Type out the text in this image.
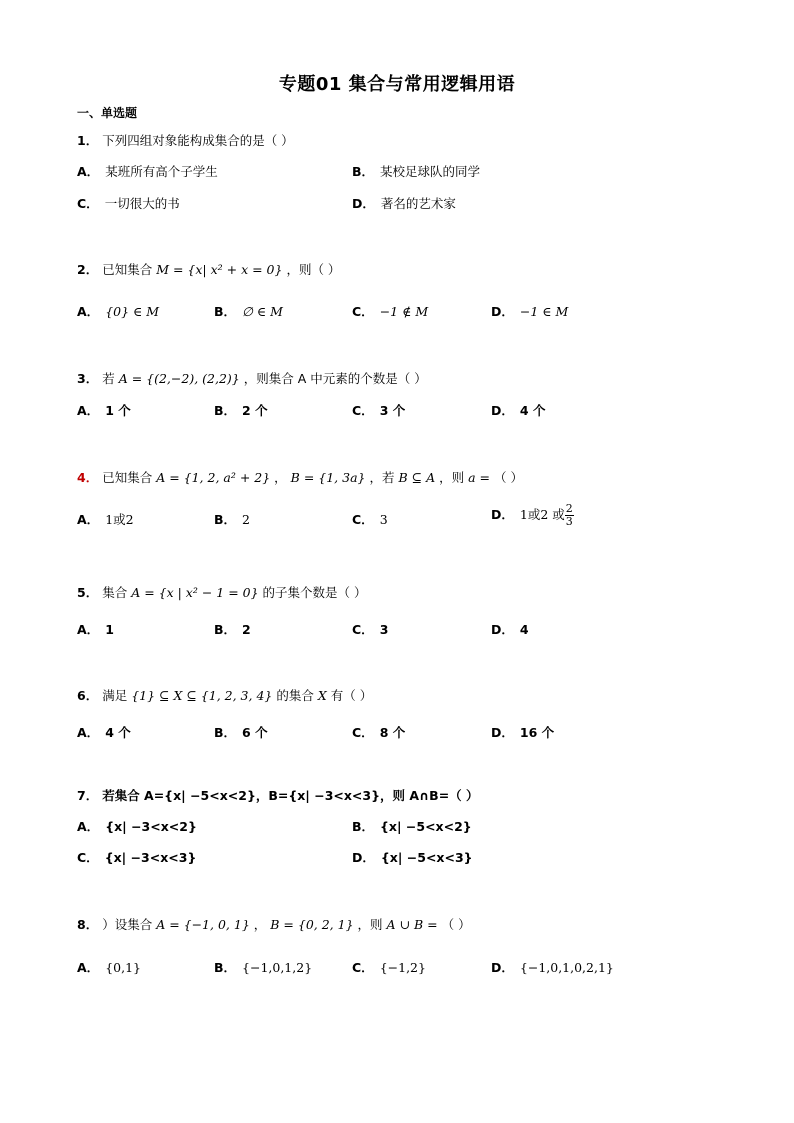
专题01 集合与常用逻辑用语
一、单选题
1． 下列四组对象能构成集合的是（ ）
A． 某班所有高个子学生	B． 某校足球队的同学
C． 一切很大的书	D． 著名的艺术家
2． 已知集合 M = {x| x² + x = 0} ，则（ ）
A． {0} ∈ M	B． ∅ ∈ M	C． −1 ∉ M	D． −1 ∈ M
3． 若 A = {(2,−2), (2,2)} ，则集合 A 中元素的个数是（ ）
A． 1 个	B． 2 个	C． 3 个	D． 4 个
4． 已知集合 A = {1, 2, a² + 2} ， B = {1, 3a} ，若 B ⊆ A ，则 a = （ ）
A． 1或2	B． 2	C． 3	D． 1或2 或 $\frac{2}{3}$
5． 集合 A = {x | x² − 1 = 0} 的子集个数是（ ）
A． 1	B． 2	C． 3	D． 4
6． 满足 {1} ⊆ X ⊆ {1, 2, 3, 4} 的集合 X 有（ ）
A． 4 个	B． 6 个	C． 8 个	D． 16 个
7． 若集合 A={x| −5<x<2}，B={x| −3<x<3}，则 A∩B=（ ）
A． {x| −3<x<2}	B． {x| −5<x<2}
C． {x| −3<x<3}	D． {x| −5<x<3}
8． ）设集合 A = {−1, 0, 1} ， B = {0, 2, 1} ，则 A ∪ B = （ ）
A． {0,1}	B． {−1,0,1,2}	C． {−1,2}	D． {−1,0,1,0,2,1}
